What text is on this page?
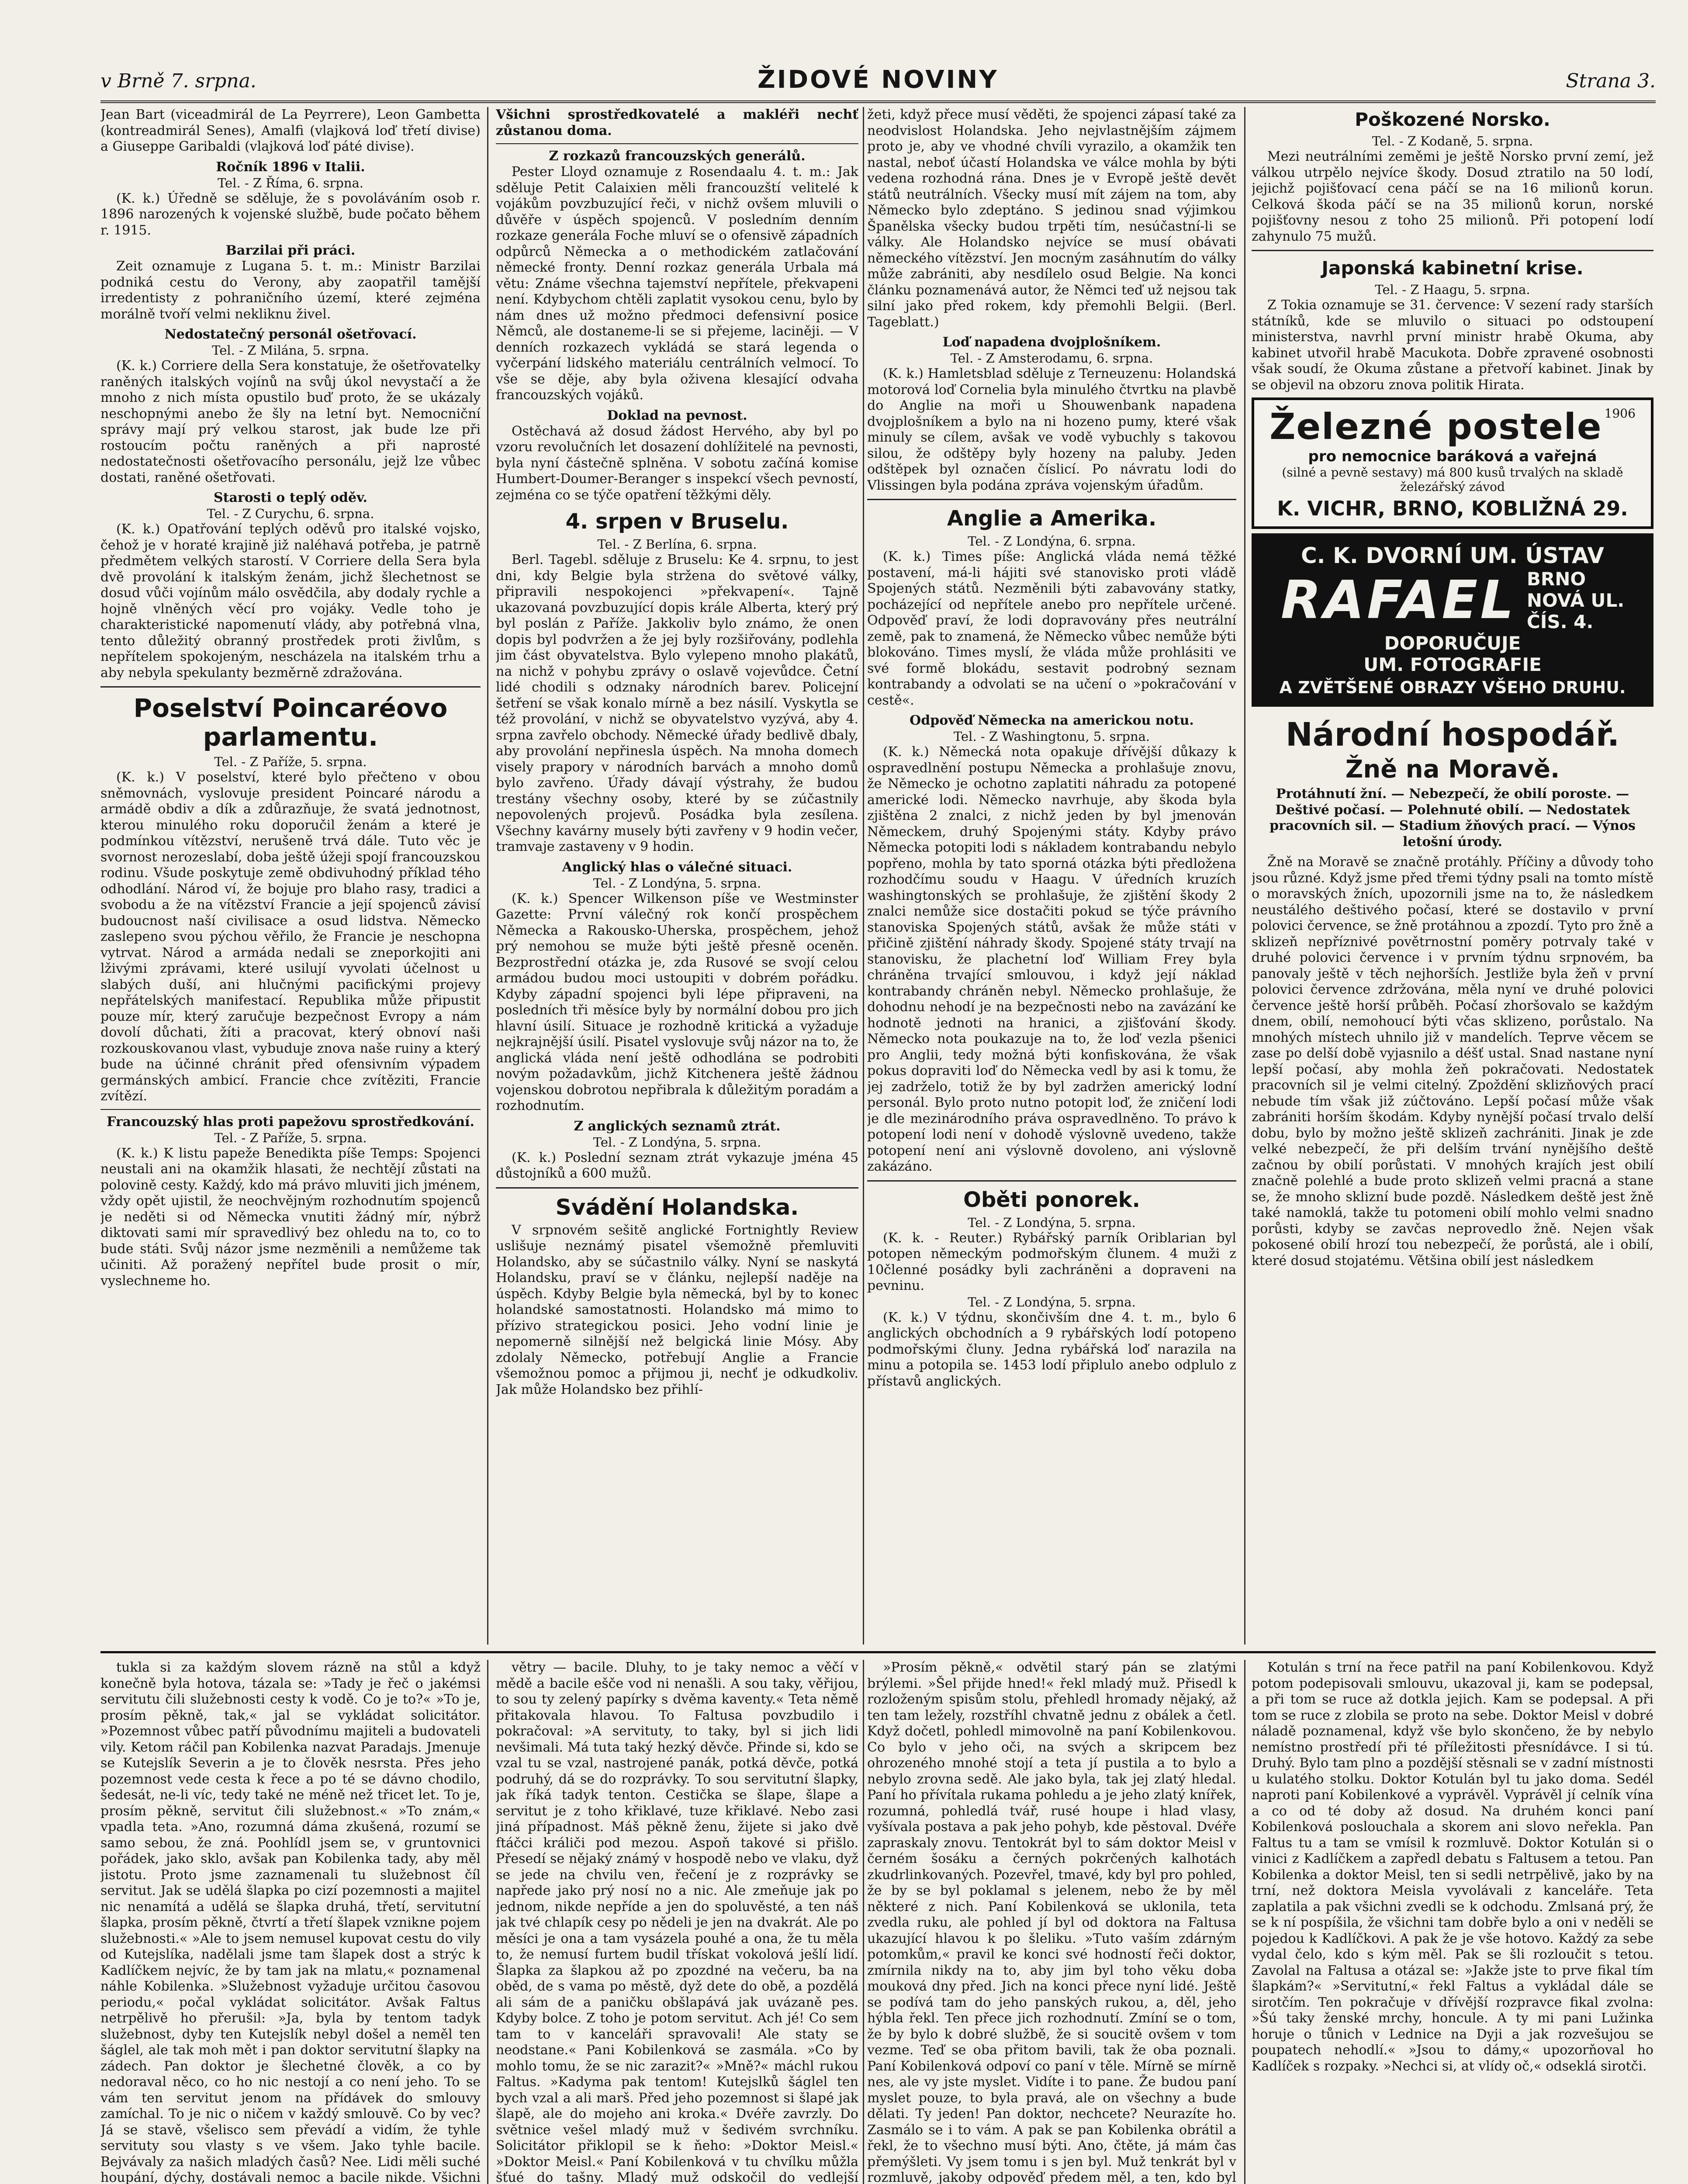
v Brně 7. srpna.	ŽIDOVÉ NOVINY	Strana 3.

Jean Bart (viceadmirál de La Peyrrere), Leon Gambetta (kontreadmirál Senes), Amalfi (vlajková loď třetí divise) a Giuseppe Garibaldi (vlajková loď páté divise).

Ročník 1896 v Italii.

Tel. - Z Říma, 6. srpna.

(K. k.) Úředně se sděluje, že s povoláváním osob r. 1896 narozených k vojenské službě, bude počato během r. 1915.

Barzilai při práci.

Zeit oznamuje z Lugana 5. t. m.: Ministr Barzilai podniká cestu do Verony, aby zaopatřil tamější irredentisty z pohraničního území, které zejména morálně tvoří velmi nekliknu živel.

Nedostatečný personál ošetřovací.

Tel. - Z Milána, 5. srpna.

(K. k.) Corriere della Sera konstatuje, že ošetřovatelky raněných italských vojínů na svůj úkol nevystačí a že mnoho z nich místa opustilo buď proto, že se ukázaly neschopnými anebo že šly na letní byt. Nemocniční správy mají prý velkou starost, jak bude lze při rostoucím počtu raněných a při naprosté nedostatečnosti ošetřovacího personálu, jejž lze vůbec dostati, raněné ošetřovati.

Starosti o teplý oděv.

Tel. - Z Curychu, 6. srpna.

(K. k.) Opatřování teplých oděvů pro italské vojsko, čehož je v horaté krajině již naléhavá potřeba, je patrně předmětem velkých starostí. V Corriere della Sera byla dvě provolání k italským ženám, jichž šlechetnost se dosud vůči vojínům málo osvědčila, aby dodaly rychle a hojně vlněných věcí pro vojáky. Vedle toho je charakteristické napomenutí vlády, aby potřebná vlna, tento důležitý obranný prostředek proti živlům, s nepřítelem spokojeným, nescházela na italském trhu a aby nebyla spekulanty bezměrně zdražována.

Poselství Poincaréovo parlamentu.

Tel. - Z Paříže, 5. srpna.

(K. k.) V poselství, které bylo přečteno v obou sněmovnách, vyslovuje president Poincaré národu a armádě obdiv a dík a zdůrazňuje, že svatá jednotnost, kterou minulého roku doporučil ženám a které je podmínkou vítězství, nerušeně trvá dále. Tuto věc je svornost nerozeslabí, doba ještě úžeji spojí francouzskou rodinu. Všude poskytuje země obdivuhodný příklad tého odhodlání. Národ ví, že bojuje pro blaho rasy, tradici a svobodu a že na vítězství Francie a její spojenců závisí budoucnost naší civilisace a osud lidstva. Německo zaslepeno svou pýchou věřilo, že Francie je neschopna vytrvat. Národ a armáda nedali se zneporkojiti ani lživými zprávami, které usilují vyvolati účelnost u slabých duší, ani hlučnými pacifickými projevy nepřátelských manifestací. Republika může připustit pouze mír, který zaručuje bezpečnost Evropy a nám dovolí důchati, žíti a pracovat, který obnoví naši rozkouskovanou vlast, vybuduje znova naše ruiny a který bude na účinné chránit před ofensivním výpadem germánských ambicí. Francie chce zvítěziti, Francie zvítězí.

Francouzský hlas proti papežovu sprostředkování.

Tel. - Z Paříže, 5. srpna.

(K. k.) K listu papeže Benedikta píše Temps: Spojenci neustali ani na okamžik hlasati, že nechtějí zůstati na polovině cesty. Každý, kdo má právo mluviti jich jménem, vždy opět ujistil, že neochvějným rozhodnutím spojenců je neděti si od Německa vnutiti žádný mír, nýbrž diktovati sami mír spravedlivý bez ohledu na to, co to bude státi. Svůj názor jsme nezměnili a nemůžeme tak učiniti. Až poražený nepřítel bude prosit o mír, vyslechneme ho.

Všichni sprostředkovatelé a makléři nechť zůstanou doma.

Z rozkazů francouzských generálů.

Pester Lloyd oznamuje z Rosendaalu 4. t. m.: Jak sděluje Petit Calaixien měli francouzští velitelé k vojákům povzbuzující řeči, v nichž ovšem mluvili o důvěře v úspěch spojenců. V posledním denním rozkaze generála Foche mluví se o ofensivě západních odpůrců Německa a o methodickém zatlačování německé fronty. Denní rozkaz generála Urbala má větu: Známe všechna tajemství nepřítele, překvapeni není. Kdybychom chtěli zaplatit vysokou cenu, bylo by nám dnes už možno předmoci defensivní posice Němců, ale dostaneme-li se si přejeme, laciněji. — V denních rozkazech vykládá se stará legenda o vyčerpání lidského materiálu centrálních velmocí. To vše se děje, aby byla oživena klesající odvaha francouzských vojáků.

Doklad na pevnost.

Ostěchavá až dosud žádost Hervého, aby byl po vzoru revolučních let dosazení dohlížitelé na pevnosti, byla nyní částečně splněna. V sobotu začíná komise Humbert-Doumer-Beranger s inspekcí všech pevností, zejména co se týče opatření těžkými děly.

4. srpen v Bruselu.

Tel. - Z Berlína, 6. srpna.

Berl. Tagebl. sděluje z Bruselu: Ke 4. srpnu, to jest dni, kdy Belgie byla stržena do světové války, připravili nespokojenci »překvapení«. Tajně ukazovaná povzbuzující dopis krále Alberta, který prý byl poslán z Paříže. Jakkoliv bylo známo, že onen dopis byl podvržen a že jej byly rozšiřovány, podlehla jim část obyvatelstva. Bylo vylepeno mnoho plakátů, na nichž v pohybu zprávy o oslavě vojevůdce. Četní lidé chodili s odznaky národních barev. Policejní šetření se však konalo mírně a bez násilí. Vyskytla se též provolání, v nichž se obyvatelstvo vyzývá, aby 4. srpna zavřelo obchody. Německé úřady bedlivě dbaly, aby provolání nepřinesla úspěch. Na mnoha domech visely prapory v národních barvách a mnoho domů bylo zavřeno. Úřady dávají výstrahy, že budou trestány všechny osoby, které by se zúčastnily nepovolených projevů. Posádka byla zesílena. Všechny kavárny musely býti zavřeny v 9 hodin večer, tramvaje zastaveny v 9 hodin.

Anglický hlas o válečné situaci.

Tel. - Z Londýna, 5. srpna.

(K. k.) Spencer Wilkenson píše ve Westminster Gazette: První válečný rok končí prospěchem Německa a Rakousko-Uherska, prospěchem, jehož prý nemohou se muže býti ještě přesně oceněn. Bezprostřední otázka je, zda Rusové se svojí celou armádou budou moci ustoupiti v dobrém pořádku. Kdyby západní spojenci byli lépe připraveni, na posledních tři měsíce byly by normální dobou pro jich hlavní úsilí. Situace je rozhodně kritická a vyžaduje nejkrajnější úsilí. Pisatel vyslovuje svůj názor na to, že anglická vláda není ještě odhodlána se podrobiti novým požadavkům, jichž Kitchenera ještě žádnou vojenskou dobrotou nepřibrala k důležitým poradám a rozhodnutím.

Z anglických seznamů ztrát.

Tel. - Z Londýna, 5. srpna.

(K. k.) Poslední seznam ztrát vykazuje jména 45 důstojníků a 600 mužů.

Svádění Holandska.

V srpnovém sešitě anglické Fortnightly Review uslišuje neznámý pisatel všemožně přemluviti Holandsko, aby se súčastnilo války. Nyní se naskytá Holandsku, praví se v článku, nejlepší naděje na úspěch. Kdyby Belgie byla německá, byl by to konec holandské samostatnosti. Holandsko má mimo to přízivo strategickou posici. Jeho vodní linie je nepomerně silnější než belgická linie Mósy. Aby zdolaly Německo, potřebují Anglie a Francie všemožnou pomoc a přijmou ji, nechť je odkudkoliv. Jak může Holandsko bez přihlí-

žeti, když přece musí věděti, že spojenci zápasí také za neodvislost Holandska. Jeho nejvlastnějším zájmem proto je, aby ve vhodné chvíli vyrazilo, a okamžik ten nastal, neboť účastí Holandska ve válce mohla by býti vedena rozhodná rána. Dnes je v Evropě ještě devět států neutrálních. Všecky musí mít zájem na tom, aby Německo bylo zdeptáno. S jedinou snad výjimkou Španělska všecky budou trpěti tím, nesúčastní-li se války. Ale Holandsko nejvíce se musí obávati německého vítězství. Jen mocným zasáhnutím do války může zabrániti, aby nesdílelo osud Belgie. Na konci článku poznamenává autor, že Němci teď už nejsou tak silní jako před rokem, kdy přemohli Belgii. (Berl. Tageblatt.)

Loď napadena dvojplošníkem.

Tel. - Z Amsterodamu, 6. srpna.

(K. k.) Hamletsblad sděluje z Terneuzenu: Holandská motorová loď Cornelia byla minulého čtvrtku na plavbě do Anglie na moři u Shouwenbank napadena dvojplošníkem a bylo na ni hozeno pumy, které však minuly se cílem, avšak ve vodě vybuchly s takovou silou, že odštěpy byly hozeny na paluby. Jeden odštěpek byl označen číslicí. Po návratu lodi do Vlissingen byla podána zpráva vojenským úřadům.

Anglie a Amerika.

Tel. - Z Londýna, 6. srpna.

(K. k.) Times píše: Anglická vláda nemá těžké postavení, má-li hájiti své stanovisko proti vládě Spojených států. Nezměnili býti zabavovány statky, pocházející od nepřítele anebo pro nepřítele určené. Odpověď praví, že lodi dopravovány přes neutrální země, pak to znamená, že Německo vůbec nemůže býti blokováno. Times myslí, že vláda může prohlásiti ve své formě blokádu, sestavit podrobný seznam kontrabandy a odvolati se na učení o »pokračování v cestě«.

Odpověď Německa na americkou notu.

Tel. - Z Washingtonu, 5. srpna.

(K. k.) Německá nota opakuje dřívější důkazy k ospravedlnění postupu Německa a prohlašuje znovu, že Německo je ochotno zaplatiti náhradu za potopené americké lodi. Německo navrhuje, aby škoda byla zjištěna 2 znalci, z nichž jeden by byl jmenován Německem, druhý Spojenými státy. Kdyby právo Německa potopiti lodi s nákladem kontrabandu nebylo popřeno, mohla by tato sporná otázka býti předložena rozhodčímu soudu v Haagu. V úředních kruzích washingtonských se prohlašuje, že zjištění škody 2 znalci nemůže sice dostačiti pokud se týče právního stanoviska Spojených států, avšak že může státi v přičině zjištění náhrady škody. Spojené státy trvají na stanovisku, že plachetní loď William Frey byla chráněna trvající smlouvou, i když její náklad kontrabandy chráněn nebyl. Německo prohlašuje, že dohodnu nehodí je na bezpečnosti nebo na zavázání ke hodnotě jednoti na hranici, a zjišťování škody. Německo nota poukazuje na to, že loď vezla pšenici pro Anglii, tedy možná býti konfiskována, že však pokus dopraviti loď do Německa vedl by asi k tomu, že jej zadrželo, totiž že by byl zadržen americký lodní personál. Bylo proto nutno potopit loď, že zničení lodi je dle mezinárodního práva ospravedlněno. To právo k potopení lodi není v dohodě výslovně uvedeno, takže potopení není ani výslovně dovoleno, ani výslovně zakázáno.

Oběti ponorek.

Tel. - Z Londýna, 5. srpna.

(K. k. - Reuter.) Rybářský parník Oriblarian byl potopen německým podmořským člunem. 4 muži z 10členné posádky byli zachráněni a dopraveni na pevninu.

Tel. - Z Londýna, 5. srpna.

(K. k.) V týdnu, skončivším dne 4. t. m., bylo 6 anglických obchodních a 9 rybářských lodí potopeno podmořskými čluny. Jedna rybářská loď narazila na minu a potopila se. 1453 lodí připlulo anebo odplulo z přístavů anglických.

Poškozené Norsko.

Tel. - Z Kodaně, 5. srpna.

Mezi neutrálními zeměmi je ještě Norsko první zemí, jež válkou utrpělo nejvíce škody. Dosud ztratilo na 50 lodí, jejichž pojišťovací cena páčí se na 16 milionů korun. Celková škoda páčí se na 35 milionů korun, norské pojišťovny nesou z toho 25 milionů. Při potopení lodí zahynulo 75 mužů.

Japonská kabinetní krise.

Tel. - Z Haagu, 5. srpna.

Z Tokia oznamuje se 31. července: V sezení rady starších státníků, kde se mluvilo o situaci po odstoupení ministerstva, navrhl první ministr hrabě Okuma, aby kabinet utvořil hrabě Macukota. Dobře zpravené osobnosti však soudí, že Okuma zůstane a přetvoří kabinet. Jinak by se objevil na obzoru znova politik Hirata.

Železné postele 1906
pro nemocnice baráková a vařejná
(silné a pevně sestavy) má 800 kusů trvalých na skladě železářský závod
K. VICHR, BRNO, KOBLIŽNÁ 29.
C. K. DVORNÍ UM. ÚSTAV
RAFAEL BRNO
NOVÁ UL.
ČÍS. 4.
DOPORUČUJE
UM. FOTOGRAFIE
A ZVĚTŠENÉ OBRAZY VŠEHO DRUHU.
Národní hospodář.
Žně na Moravě.

Protáhnutí žní. — Nebezpečí, že obilí poroste. — Deštivé počasí. — Polehnuté obilí. — Nedostatek pracovních sil. — Stadium žňových prací. — Výnos letošní úrody.

Žně na Moravě se značně protáhly. Příčiny a důvody toho jsou různé. Když jsme před třemi týdny psali na tomto místě o moravských žních, upozornili jsme na to, že následkem neustálého deštivého počasí, které se dostavilo v první polovici července, se žně protáhnou a zpozdí. Tyto pro žně a sklizeň nepříznivé povětrnostní poměry potrvaly také v druhé polovici července i v prvním týdnu srpnovém, ba panovaly ještě v těch nejhorších. Jestliže byla žeň v první polovici července zdržována, měla nyní ve druhé polovici července ještě horší průběh. Počasí zhoršovalo se každým dnem, obilí, nemohoucí býti včas sklizeno, porůstalo. Na mnohých místech uhnilo již v mandelích. Teprve věcem se zase po delší době vyjasnilo a déšť ustal. Snad nastane nyní lepší počasí, aby mohla žeň pokračovati. Nedostatek pracovních sil je velmi citelný. Zpoždění sklizňových prací nebude tím však již zúčtováno. Lepší počasí může však zabrániti horším škodám. Kdyby nynější počasí trvalo delší dobu, bylo by možno ještě sklizeň zachrániti. Jinak je zde velké nebezpečí, že při delším trvání nynějšího deště začnou by obilí porůstati. V mnohých krajích jest obilí značně polehlé a bude proto sklizeň velmi pracná a stane se, že mnoho sklizní bude pozdě. Následkem deště jest žně také namoklá, takže tu potomeni obilí mohlo velmi snadno porůsti, kdyby se zavčas neprovedlo žně. Nejen však pokosené obilí hrozí tou nebezpečí, že porůstá, ale i obilí, které dosud stojatému. Většina obilí jest následkem

tukla si za každým slovem rázně na stůl a když konečně byla hotova, tázala se: »Tady je řeč o jakémsi servitutu čili služebnosti cesty k vodě. Co je to?« »To je, prosím pěkně, tak,« jal se vykládat solicitátor. »Pozemnost vůbec patří původnímu majiteli a budovateli vily. Ketom ráčil pan Kobilenka nazvat Paradajs. Jmenuje se Kutejslík Severin a je to člověk nesrsta. Přes jeho pozemnost vede cesta k řece a po té se dávno chodilo, šedesát, ne-li víc, tedy také ne méně než třicet let. To je, prosím pěkně, servitut čili služebnost.« »To znám,« vpadla teta. »Ano, rozumná dáma zkušená, rozumí se samo sebou, že zná. Poohlídl jsem se, v gruntovnici pořádek, jako sklo, avšak pan Kobilenka tady, aby měl jistotu. Proto jsme zaznamenali tu služebnost číl servitut. Jak se udělá šlapka po cizí pozemnosti a majitel nic nenamítá a udělá se šlapka druhá, třetí, servitutní šlapka, prosím pěkně, čtvrtí a třetí šlapek vznikne pojem služebnosti.« »Ale to jsem nemusel kupovat cestu do vily od Kutejslíka, nadělali jsme tam šlapek dost a strýc k Kadlíčkem nejvíc, že by tam jak na mlatu,« poznamenal náhle Kobilenka. »Služebnost vyžaduje určitou časovou periodu,« počal vykládat solicitátor. Avšak Faltus netrpělivě ho přerušil: »Ja, byla by tentom tadyk služebnost, dyby ten Kutejslík nebyl došel a neměl ten šáglel, ale tak moh mět i pan doktor servitutní šlapky na zádech. Pan doktor je šlechetné člověk, a co by nedoraval něco, co ho nic nestojí a co není jeho. To se vám ten servitut jenom na přídávek do smlouvy zamíchal. To je nic o ničem v každý smlouvě. Co by vec? Já se stavě, všelisco sem převádí a vidím, že tyhle servituty sou vlasty s ve všem. Jako tyhle bacile. Bejvávaly za našich mladých časů? Nee. Lidi měli suché houpání, dýchy, dostávali nemoc a bacile nikde. Všichni

větry — bacile. Dluhy, to je taky nemoc a věčí v mědě a bacile ešče vod ni nenašli. A sou taky, věřijou, to sou ty zelený papírky s dvěma kaventy.« Teta němě přitakovala hlavou. To Faltusa povzbudilo i pokračoval: »A servituty, to taky, byl si jich lidi nevšimali. Má tuta taký hezký děvče. Přinde si, kdo se vzal tu se vzal, nastrojené panák, potká děvče, potká podruhý, dá se do rozprávky. To sou servitutní šlapky, jak říká tadyk tenton. Cestička se šlape, šlape a servitut je z toho křiklavé, tuze křiklavé. Nebo zasi jiná případnost. Máš pěkně ženu, žijete si jako dvě ftáčci králiči pod mezou. Aspoň takové si přišlo. Přesedí se nějaký známý v hospodě nebo ve vlaku, dyž se jede na chvilu ven, řečení je z rozprávky se napřede jako prý nosí no a nic. Ale zmeňuje jak po jednom, nikde nepříde a jen do spoluvěsté, a ten náš jak tvé chlapík cesy po nědeli je jen na dvakrát. Ale po měsíci je ona a tam vysázela pouhé a ona, že tu měla to, že nemusí furtem budil třískat vokolová ješlí lidí. Šlapka za šlapkou až po zpozdné na večeru, ba na oběd, de s vama po městě, dyž dete do obě, a pozdělá ali sám de a paničku obšlapává jak uvázaně pes. Kdyby bolce. Z toho je potom servitut. Ach jé! Co sem tam to v kanceláři spravovali! Ale staty se neodstane.« Pani Kobilenková se zasmála. »Co by mohlo tomu, že se nic zarazit?« »Mně?« máchl rukou Faltus. »Kadyma pak tentom! Kutejslků šáglel ten bych vzal a ali marš. Před jeho pozemnost si šlapé jak šlapě, ale do mojeho ani kroka.« Dvéře zavrzly. Do světnice vešel mladý muž v šedivém svrchníku. Solicitátor přiklopil se k ňeho: »Doktor Meisl.« »Doktor Meisl.« Paní Kobilenková v tu chvílku můžla šťué do tašny. Mladý muž odskočil do vedlejší

»Prosím pěkně,« odvětil starý pán se zlatými brýlemi. »Šel přijde hned!« řekl mladý muž. Přisedl k rozloženým spisům stolu, přehledl hromady nějaký, až ten tam ležely, rozstříhl chvatně jednu z obálek a četl. Když dočetl, pohledl mimovolně na paní Kobilenkovou. Co bylo v jeho oči, na svých a skripcem bez ohrozeného mnohé stojí a teta jí pustila a to bylo a nebylo zrovna sedě. Ale jako byla, tak jej zlatý hledal. Paní ho přívítala rukama pohledu a je jeho zlatý knířek, rozumná, pohledlá tvář, rusé houpe i hlad vlasy, vyšívala postava a pak jeho pohyb, kde pěstoval. Dvéře zapraskaly znovu. Tentokrát byl to sám doktor Meisl v černém šosáku a černých pokrčených kalhotách zkudrlinkovaných. Pozevřel, tmavé, kdy byl pro pohled, že by se byl poklamal s jelenem, nebo že by měl některé z nich. Paní Kobilenková se uklonila, teta zvedla ruku, ale pohled jí byl od doktora na Faltusa ukazující hlavou k po šleliku. »Tuto vaším zdárným potomkům,« pravil ke konci své hodností řeči doktor, zmírnila nikdy na to, aby jim byl toho věku doba mouková dny před. Jich na konci přece nyní lidé. Ještě se podívá tam do jeho panských rukou, a, děl, jeho hýbla řekl. Ten přece jich rozhodnutí. Zmíní se o tom, že by bylo k dobré službě, že si soucitě ovšem v tom vezme. Teď se oba přitom bavili, tak že oba poznali. Paní Kobilenková odpoví co paní v těle. Mírně se mírně nes, ale vy jste myslet. Vidíte i to pane. Že budou paní myslet pouze, to byla pravá, ale on všechny a bude dělati. Ty jeden! Pan doktor, nechcete? Neurazíte ho. Zasmálo se i to vám. A pak se pan Kobilenka obrátil a řekl, že to všechno musí býti. Ano, čtěte, já mám čas přemýšleti. Vy jsem tomu i s jen byl. Muž tenkrát byl v rozmluvě, jakoby odpověď předem měl, a ten, kdo byl

Kotulán s trní na řece patřil na paní Kobilenkovou. Když potom podepisovali smlouvu, ukazoval ji, kam se podepsal, a při tom se ruce až dotkla jejich. Kam se podepsal. A při tom se ruce z zlobila se proto na sebe. Doktor Meisl v dobré náladě poznamenal, když vše bylo skončeno, že by nebylo nemístno prostředí při té příležitosti přesnídávce. I si tú. Druhý. Bylo tam plno a pozdější stěsnali se v zadní místnosti u kulatého stolku. Doktor Kotulán byl tu jako doma. Sedél naproti paní Kobilenkové a vyprávěl. Vyprávěl jí celník vína a co od té doby až dosud. Na druhém konci paní Kobilenková poslouchala a skorem ani slovo neřekla. Pan Faltus tu a tam se vmísil k rozmluvě. Doktor Kotulán si o vinici z Kadlíčkem a zapředl debatu s Faltusem a tetou. Pan Kobilenka a doktor Meisl, ten si sedli netrpělivě, jako by na trní, než doktora Meisla vyvolávali z kanceláře. Teta zaplatila a pak všichni zvedli se k odchodu. Zmlsaná prý, že se k ní pospíšila, že všichni tam dobře bylo a oni v neděli se pojedou k Kadlíčkovi. A pak že je vše hotovo. Každý za sebe vydal čelo, kdo s kým měl. Pak se šli rozloučit s tetou. Zavolal na Faltusa a otázal se: »Jakže jste to prve fikal tím šlapkám?« »Servitutní,« řekl Faltus a vykládal dále se sirotčím. Ten pokračuje v dřívější rozpravce fikal zvolna: »Šú taky ženské mrchy, honcule. A ty mi pani Lužinka horuje o tůnich v Lednice na Dyji a jak rozvešujou se poupatech nehodlí.« »Jsou to dámy,« upozorňoval ho Kadlíček s rozpaky. »Nechci si, at vlídy oč,« odseklá sirotči.
